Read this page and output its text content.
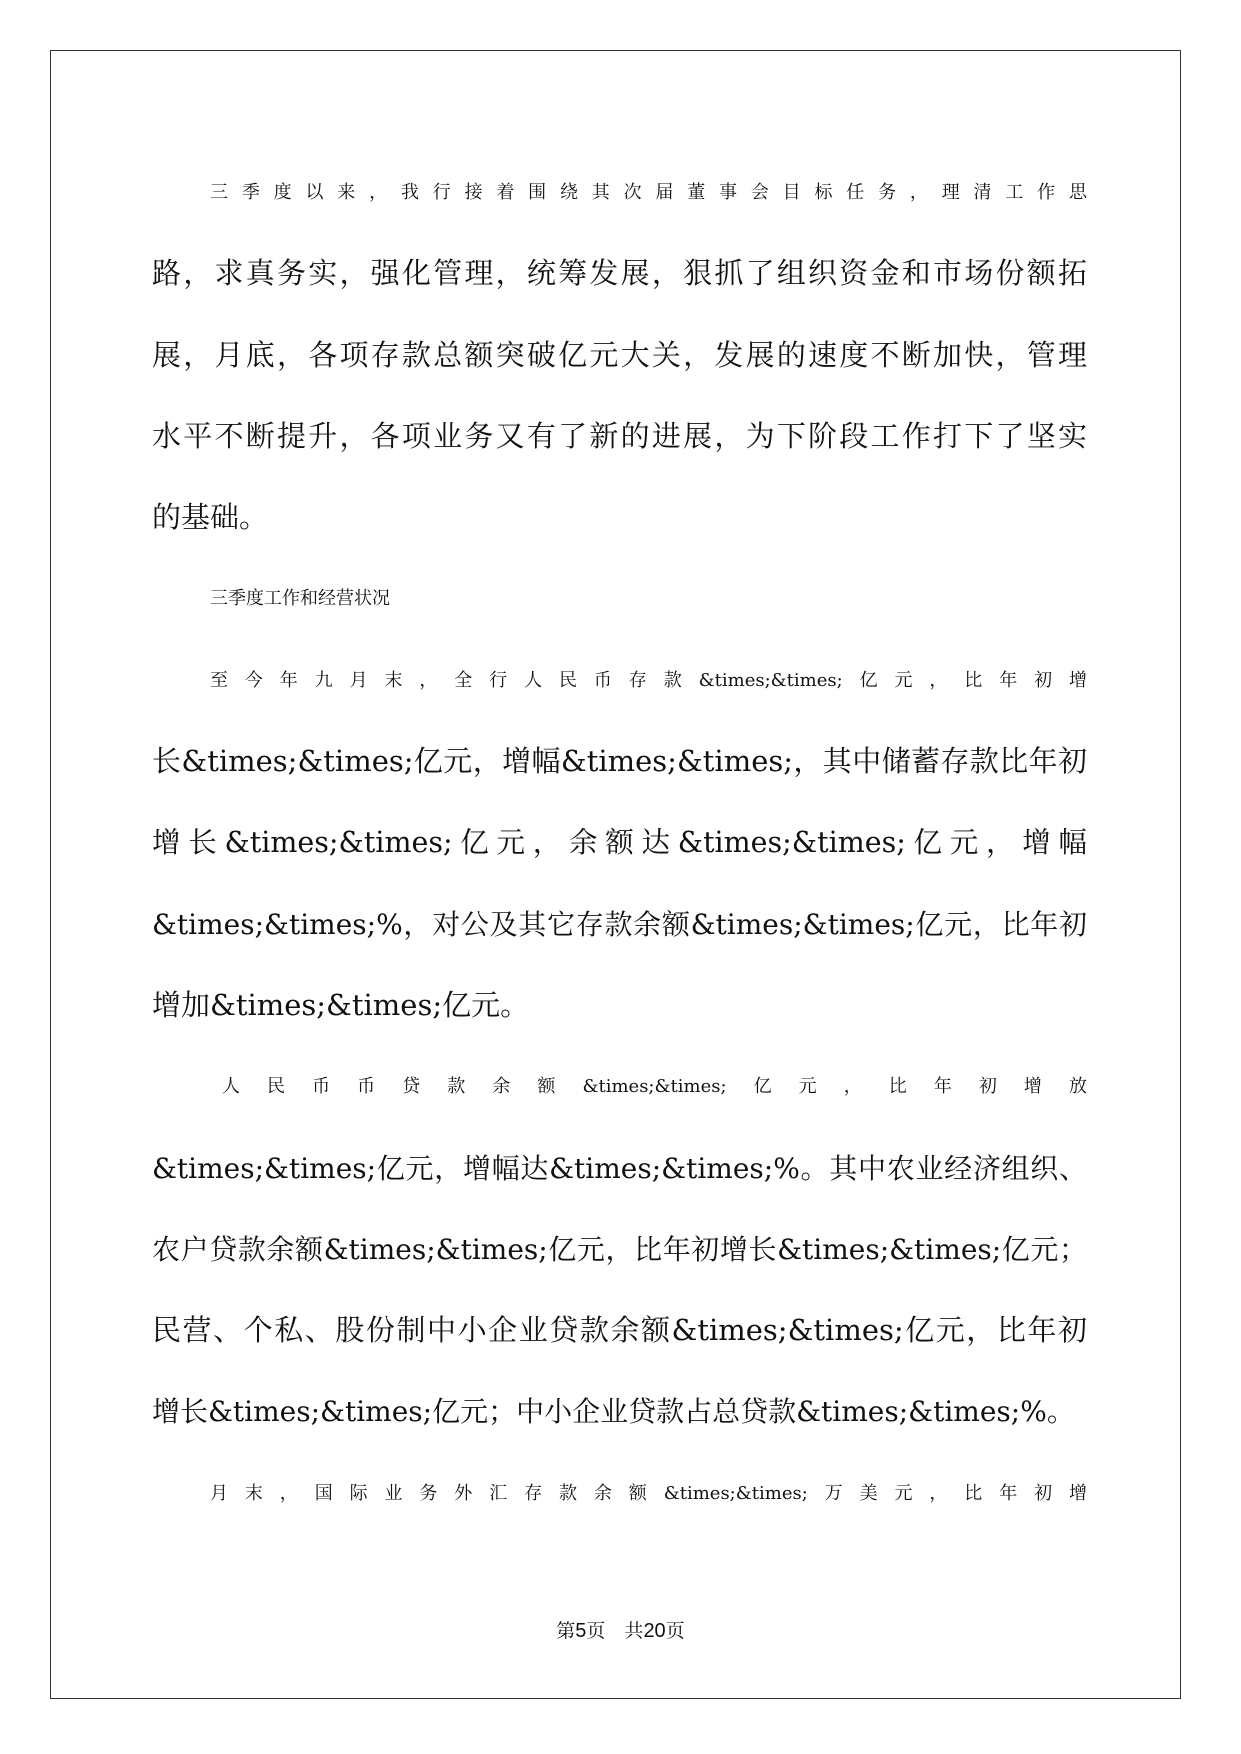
三季度以来，我行接着围绕其次届董事会目标任务，理清工作思
路，求真务实，强化管理，统筹发展，狠抓了组织资金和市场份额拓
展，月底，各项存款总额突破亿元大关，发展的速度不断加快，管理
水平不断提升，各项业务又有了新的进展，为下阶段工作打下了坚实
的基础。
三季度工作和经营状况
至今年九月末，全行人民币存款&times;&times;亿元，比年初增
长&times;&times;亿元，增幅&times;&times;，其中储蓄存款比年初
增长&times;&times;亿元，余额达&times;&times;亿元，增幅
&times;&times;%，对公及其它存款余额&times;&times;亿元，比年初
增加&times;&times;亿元。
人民币币贷款余额&times;&times;亿元，比年初增放
&times;&times;亿元，增幅达&times;&times;%。其中农业经济组织、
农户贷款余额&times;&times;亿元，比年初增长&times;&times;亿元；
民营、个私、股份制中小企业贷款余额&times;&times;亿元，比年初
增长&times;&times;亿元；中小企业贷款占总贷款&times;&times;%。
月末，国际业务外汇存款余额&times;&times;万美元，比年初增
第5页　共20页
